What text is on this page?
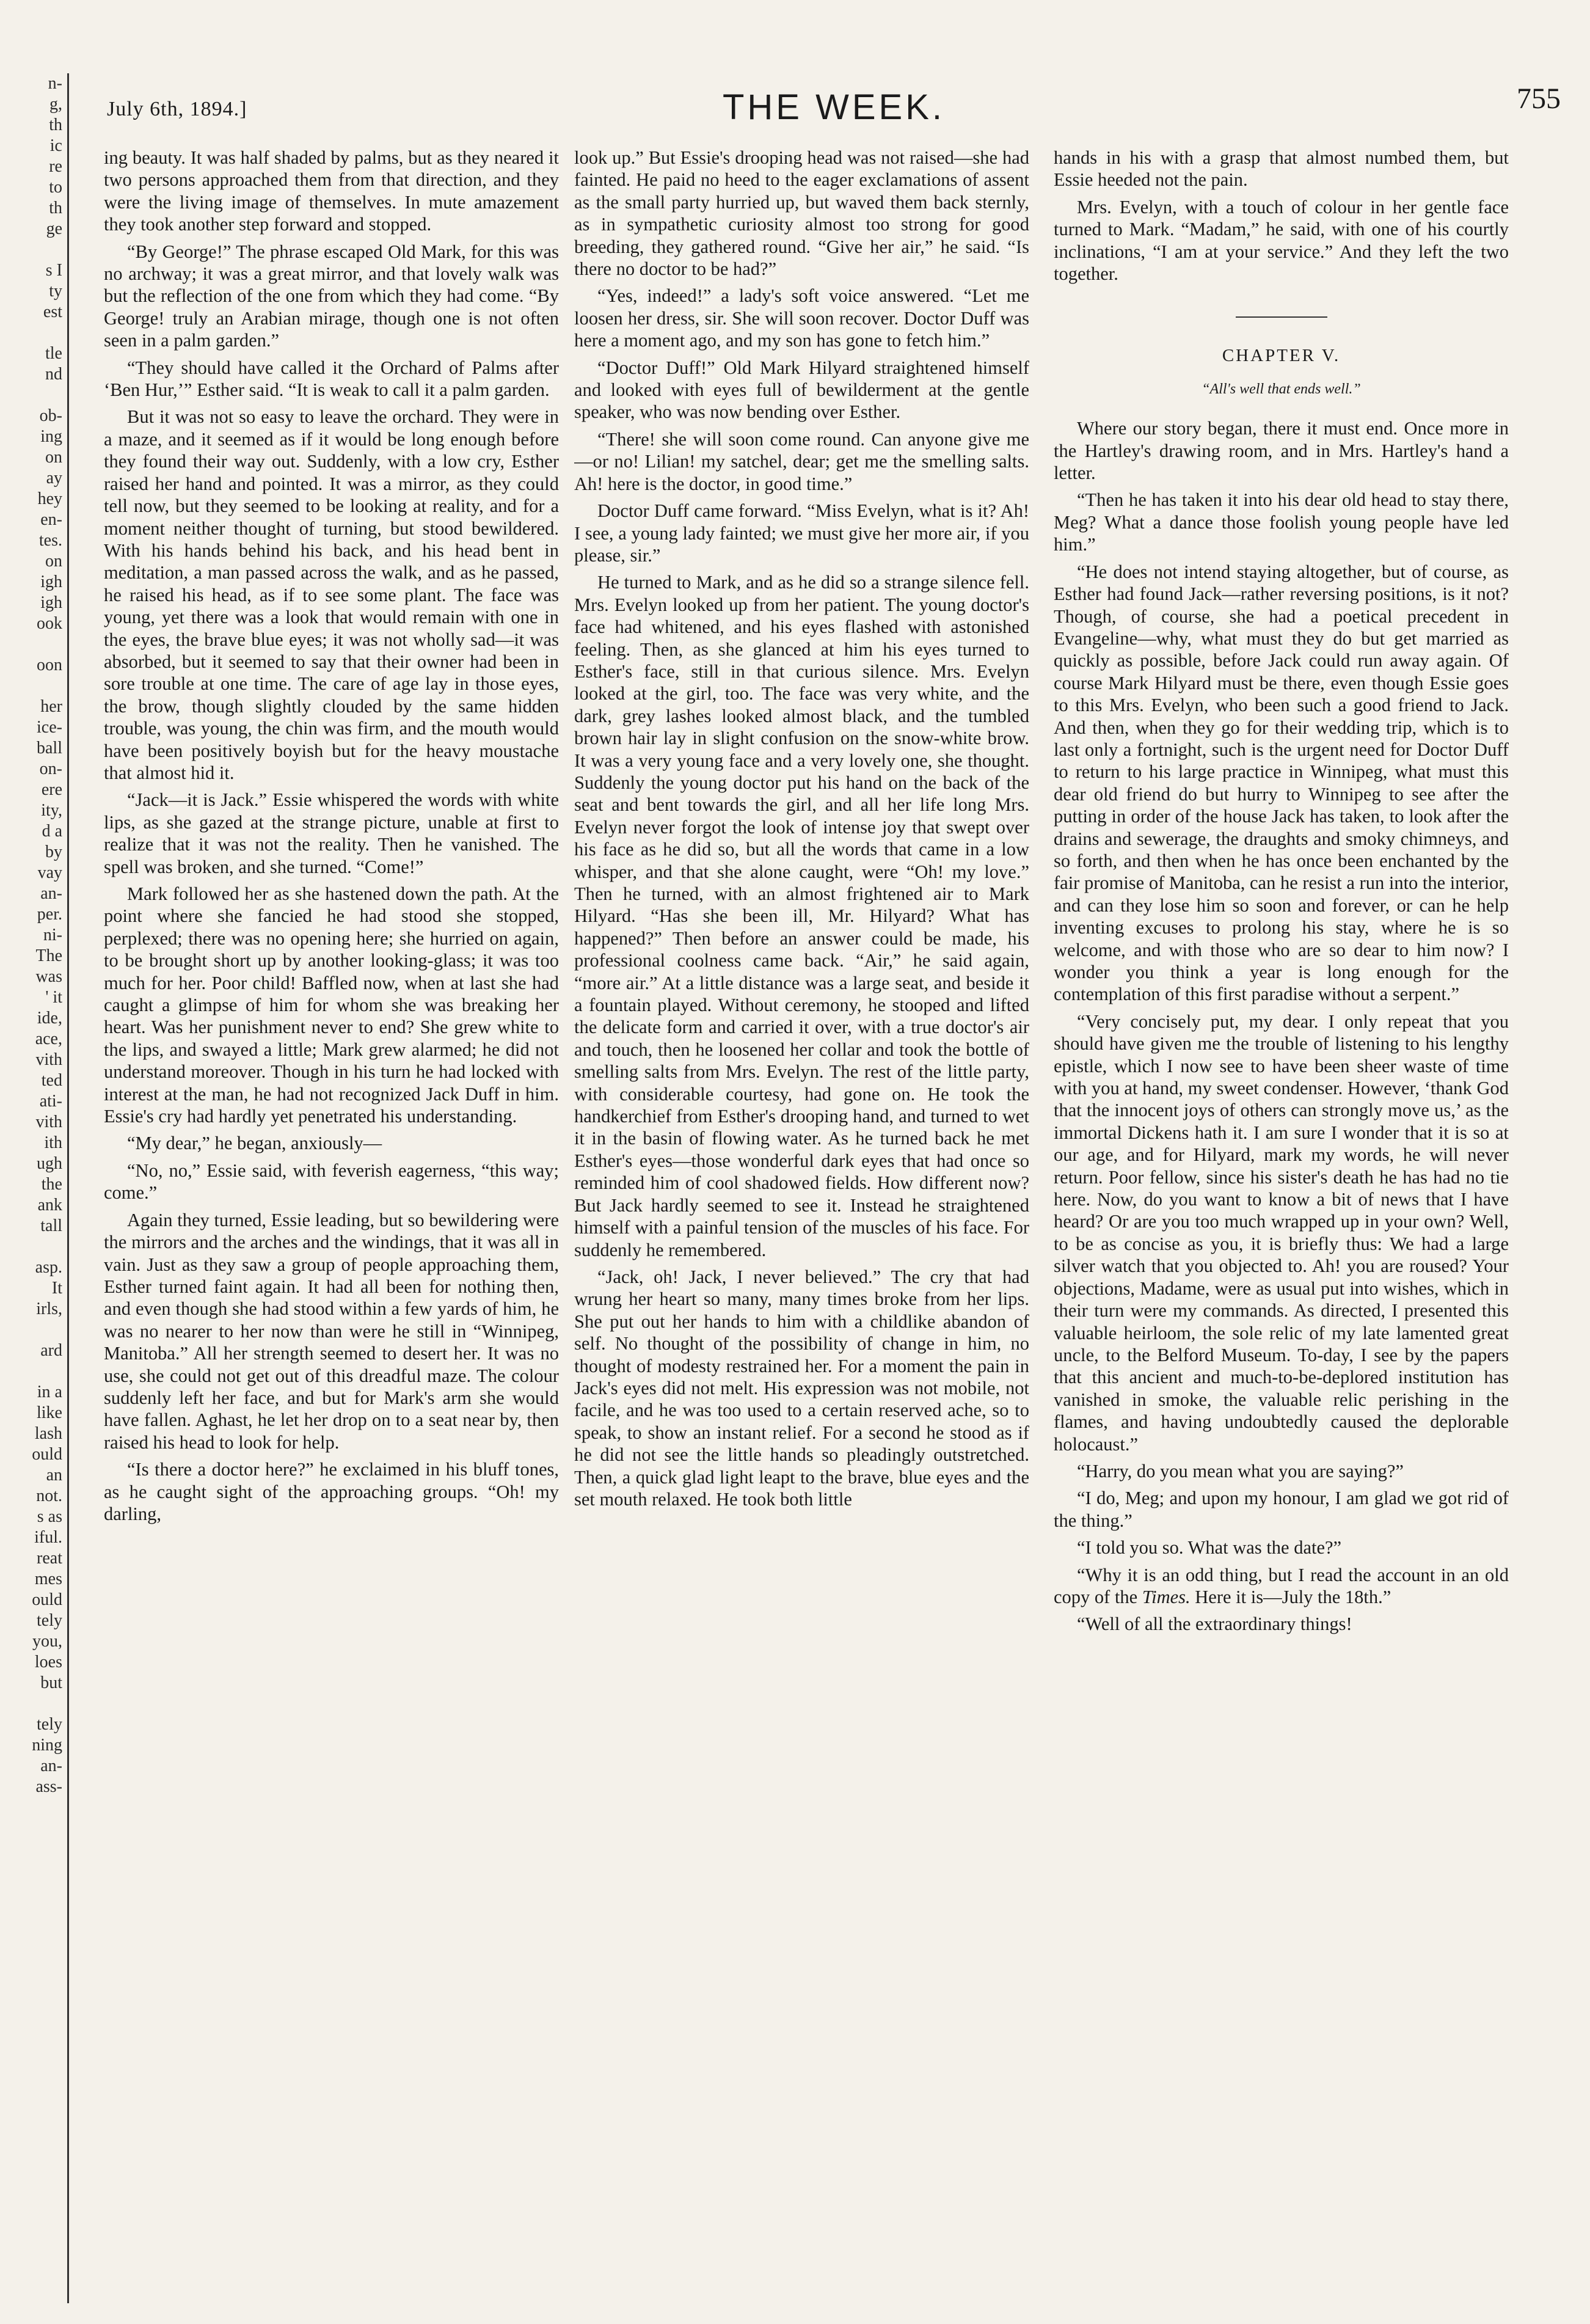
n-
g,
th
ic
re
to
th
ge

s I
ty
est

tle
nd

ob-
ing
on
ay
hey
en-
tes.
on
igh
igh
ook

oon

her
ice-
ball
on-
ere
ity,
d a
by
vay
an-
per.
ni-
The
was
' it
ide,
ace,
vith
ted
ati-
vith
ith
ugh
the
ank
tall

asp.
It
irls,

ard

in a
like
lash
ould
an
not.
s as
iful.
reat
mes
ould
tely
you,
loes
but

tely
ning
an-
ass-
July 6th, 1894.]	THE WEEK.	755

ing beauty. It was half shaded by palms, but as they neared it two persons approached them from that direction, and they were the living image of themselves. In mute amazement they took another step forward and stopped.

“By George!” The phrase escaped Old Mark, for this was no archway; it was a great mirror, and that lovely walk was but the reflection of the one from which they had come. “By George! truly an Arabian mirage, though one is not often seen in a palm garden.”

“They should have called it the Orchard of Palms after ‘Ben Hur,’” Esther said. “It is weak to call it a palm garden.

But it was not so easy to leave the orchard. They were in a maze, and it seemed as if it would be long enough before they found their way out. Suddenly, with a low cry, Esther raised her hand and pointed. It was a mirror, as they could tell now, but they seemed to be looking at reality, and for a moment neither thought of turning, but stood bewildered. With his hands behind his back, and his head bent in meditation, a man passed across the walk, and as he passed, he raised his head, as if to see some plant. The face was young, yet there was a look that would remain with one in the eyes, the brave blue eyes; it was not wholly sad—it was absorbed, but it seemed to say that their owner had been in sore trouble at one time. The care of age lay in those eyes, the brow, though slightly clouded by the same hidden trouble, was young, the chin was firm, and the mouth would have been positively boyish but for the heavy moustache that almost hid it.

“Jack—it is Jack.” Essie whispered the words with white lips, as she gazed at the strange picture, unable at first to realize that it was not the reality. Then he vanished. The spell was broken, and she turned. “Come!”

Mark followed her as she hastened down the path. At the point where she fancied he had stood she stopped, perplexed; there was no opening here; she hurried on again, to be brought short up by another looking-glass; it was too much for her. Poor child! Baffled now, when at last she had caught a glimpse of him for whom she was breaking her heart. Was her punishment never to end? She grew white to the lips, and swayed a little; Mark grew alarmed; he did not understand moreover. Though in his turn he had locked with interest at the man, he had not recognized Jack Duff in him. Essie's cry had hardly yet penetrated his understanding.

“My dear,” he began, anxiously—

“No, no,” Essie said, with feverish eagerness, “this way; come.”

Again they turned, Essie leading, but so bewildering were the mirrors and the arches and the windings, that it was all in vain. Just as they saw a group of people approaching them, Esther turned faint again. It had all been for nothing then, and even though she had stood within a few yards of him, he was no nearer to her now than were he still in “Winnipeg, Manitoba.” All her strength seemed to desert her. It was no use, she could not get out of this dreadful maze. The colour suddenly left her face, and but for Mark's arm she would have fallen. Aghast, he let her drop on to a seat near by, then raised his head to look for help.

“Is there a doctor here?” he exclaimed in his bluff tones, as he caught sight of the approaching groups. “Oh! my darling,

look up.” But Essie's drooping head was not raised—she had fainted. He paid no heed to the eager exclamations of assent as the small party hurried up, but waved them back sternly, as in sympathetic curiosity almost too strong for good breeding, they gathered round. “Give her air,” he said. “Is there no doctor to be had?”

“Yes, indeed!” a lady's soft voice answered. “Let me loosen her dress, sir. She will soon recover. Doctor Duff was here a moment ago, and my son has gone to fetch him.”

“Doctor Duff!” Old Mark Hilyard straightened himself and looked with eyes full of bewilderment at the gentle speaker, who was now bending over Esther.

“There! she will soon come round. Can anyone give me—or no! Lilian! my satchel, dear; get me the smelling salts. Ah! here is the doctor, in good time.”

Doctor Duff came forward. “Miss Evelyn, what is it? Ah! I see, a young lady fainted; we must give her more air, if you please, sir.”

He turned to Mark, and as he did so a strange silence fell. Mrs. Evelyn looked up from her patient. The young doctor's face had whitened, and his eyes flashed with astonished feeling. Then, as she glanced at him his eyes turned to Esther's face, still in that curious silence. Mrs. Evelyn looked at the girl, too. The face was very white, and the dark, grey lashes looked almost black, and the tumbled brown hair lay in slight confusion on the snow-white brow. It was a very young face and a very lovely one, she thought. Suddenly the young doctor put his hand on the back of the seat and bent towards the girl, and all her life long Mrs. Evelyn never forgot the look of intense joy that swept over his face as he did so, but all the words that came in a low whisper, and that she alone caught, were “Oh! my love.” Then he turned, with an almost frightened air to Mark Hilyard. “Has she been ill, Mr. Hilyard? What has happened?” Then before an answer could be made, his professional coolness came back. “Air,” he said again, “more air.” At a little distance was a large seat, and beside it a fountain played. Without ceremony, he stooped and lifted the delicate form and carried it over, with a true doctor's air and touch, then he loosened her collar and took the bottle of smelling salts from Mrs. Evelyn. The rest of the little party, with considerable courtesy, had gone on. He took the handkerchief from Esther's drooping hand, and turned to wet it in the basin of flowing water. As he turned back he met Esther's eyes—those wonderful dark eyes that had once so reminded him of cool shadowed fields. How different now? But Jack hardly seemed to see it. Instead he straightened himself with a painful tension of the muscles of his face. For suddenly he remembered.

“Jack, oh! Jack, I never believed.” The cry that had wrung her heart so many, many times broke from her lips. She put out her hands to him with a childlike abandon of self. No thought of the possibility of change in him, no thought of modesty restrained her. For a moment the pain in Jack's eyes did not melt. His expression was not mobile, not facile, and he was too used to a certain reserved ache, so to speak, to show an instant relief. For a second he stood as if he did not see the little hands so pleadingly outstretched. Then, a quick glad light leapt to the brave, blue eyes and the set mouth relaxed. He took both little

hands in his with a grasp that almost numbed them, but Essie heeded not the pain.

Mrs. Evelyn, with a touch of colour in her gentle face turned to Mark. “Madam,” he said, with one of his courtly inclinations, “I am at your service.” And they left the two together.

CHAPTER V.
“All's well that ends well.”

Where our story began, there it must end. Once more in the Hartley's drawing room, and in Mrs. Hartley's hand a letter.

“Then he has taken it into his dear old head to stay there, Meg? What a dance those foolish young people have led him.”

“He does not intend staying altogether, but of course, as Esther had found Jack—rather reversing positions, is it not? Though, of course, she had a poetical precedent in Evangeline—why, what must they do but get married as quickly as possible, before Jack could run away again. Of course Mark Hilyard must be there, even though Essie goes to this Mrs. Evelyn, who been such a good friend to Jack. And then, when they go for their wedding trip, which is to last only a fortnight, such is the urgent need for Doctor Duff to return to his large practice in Winnipeg, what must this dear old friend do but hurry to Winnipeg to see after the putting in order of the house Jack has taken, to look after the drains and sewerage, the draughts and smoky chimneys, and so forth, and then when he has once been enchanted by the fair promise of Manitoba, can he resist a run into the interior, and can they lose him so soon and forever, or can he help inventing excuses to prolong his stay, where he is so welcome, and with those who are so dear to him now? I wonder you think a year is long enough for the contemplation of this first paradise without a serpent.”

“Very concisely put, my dear. I only repeat that you should have given me the trouble of listening to his lengthy epistle, which I now see to have been sheer waste of time with you at hand, my sweet condenser. However, ‘thank God that the innocent joys of others can strongly move us,’ as the immortal Dickens hath it. I am sure I wonder that it is so at our age, and for Hilyard, mark my words, he will never return. Poor fellow, since his sister's death he has had no tie here. Now, do you want to know a bit of news that I have heard? Or are you too much wrapped up in your own? Well, to be as concise as you, it is briefly thus: We had a large silver watch that you objected to. Ah! you are roused? Your objections, Madame, were as usual put into wishes, which in their turn were my commands. As directed, I presented this valuable heirloom, the sole relic of my late lamented great uncle, to the Belford Museum. To-day, I see by the papers that this ancient and much-to-be-deplored institution has vanished in smoke, the valuable relic perishing in the flames, and having undoubtedly caused the deplorable holocaust.”

“Harry, do you mean what you are saying?”

“I do, Meg; and upon my honour, I am glad we got rid of the thing.”

“I told you so. What was the date?”

“Why it is an odd thing, but I read the account in an old copy of the Times. Here it is—July the 18th.”

“Well of all the extraordinary things!
